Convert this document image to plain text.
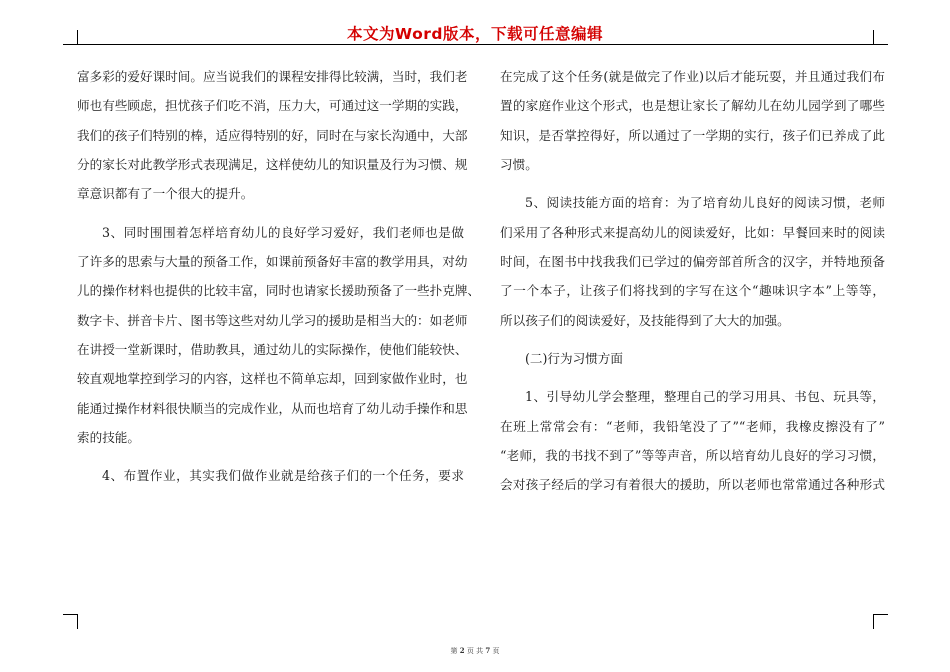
本文为Word版本，下载可任意编辑
富多彩的爱好课时间。应当说我们的课程安排得比较满，当时，我们老
师也有些顾虑，担忧孩子们吃不消，压力大，可通过这一学期的实践，
我们的孩子们特别的棒，适应得特别的好，同时在与家长沟通中，大部
分的家长对此教学形式表现满足，这样使幼儿的知识量及行为习惯、规
章意识都有了一个很大的提升。
3、同时围围着怎样培育幼儿的良好学习爱好，我们老师也是做
了许多的思索与大量的预备工作，如课前预备好丰富的教学用具，对幼
儿的操作材料也提供的比较丰富，同时也请家长援助预备了一些扑克牌、
数字卡、拼音卡片、图书等这些对幼儿学习的援助是相当大的：如老师
在讲授一堂新课时，借助教具，通过幼儿的实际操作，使他们能较快、
较直观地掌控到学习的内容，这样也不简单忘却，回到家做作业时，也
能通过操作材料很快顺当的完成作业，从而也培育了幼儿动手操作和思
索的技能。
4、布置作业，其实我们做作业就是给孩子们的一个任务，要求
在完成了这个任务(就是做完了作业)以后才能玩耍，并且通过我们布
置的家庭作业这个形式，也是想让家长了解幼儿在幼儿园学到了哪些
知识，是否掌控得好，所以通过了一学期的实行，孩子们已养成了此
习惯。
5、阅读技能方面的培育：为了培育幼儿良好的阅读习惯，老师
们采用了各种形式来提高幼儿的阅读爱好，比如：早餐回来时的阅读
时间，在图书中找我我们已学过的偏旁部首所含的汉字，并特地预备
了一个本子，让孩子们将找到的字写在这个“趣味识字本”上等等，
所以孩子们的阅读爱好，及技能得到了大大的加强。
(二)行为习惯方面
1、引导幼儿学会整理，整理自己的学习用具、书包、玩具等，
在班上常常会有：“老师，我铅笔没了了”“老师，我橡皮擦没有了”
“老师，我的书找不到了”等等声音，所以培育幼儿良好的学习习惯，
会对孩子经后的学习有着很大的援助，所以老师也常常通过各种形式
第 2 页 共 7 页
